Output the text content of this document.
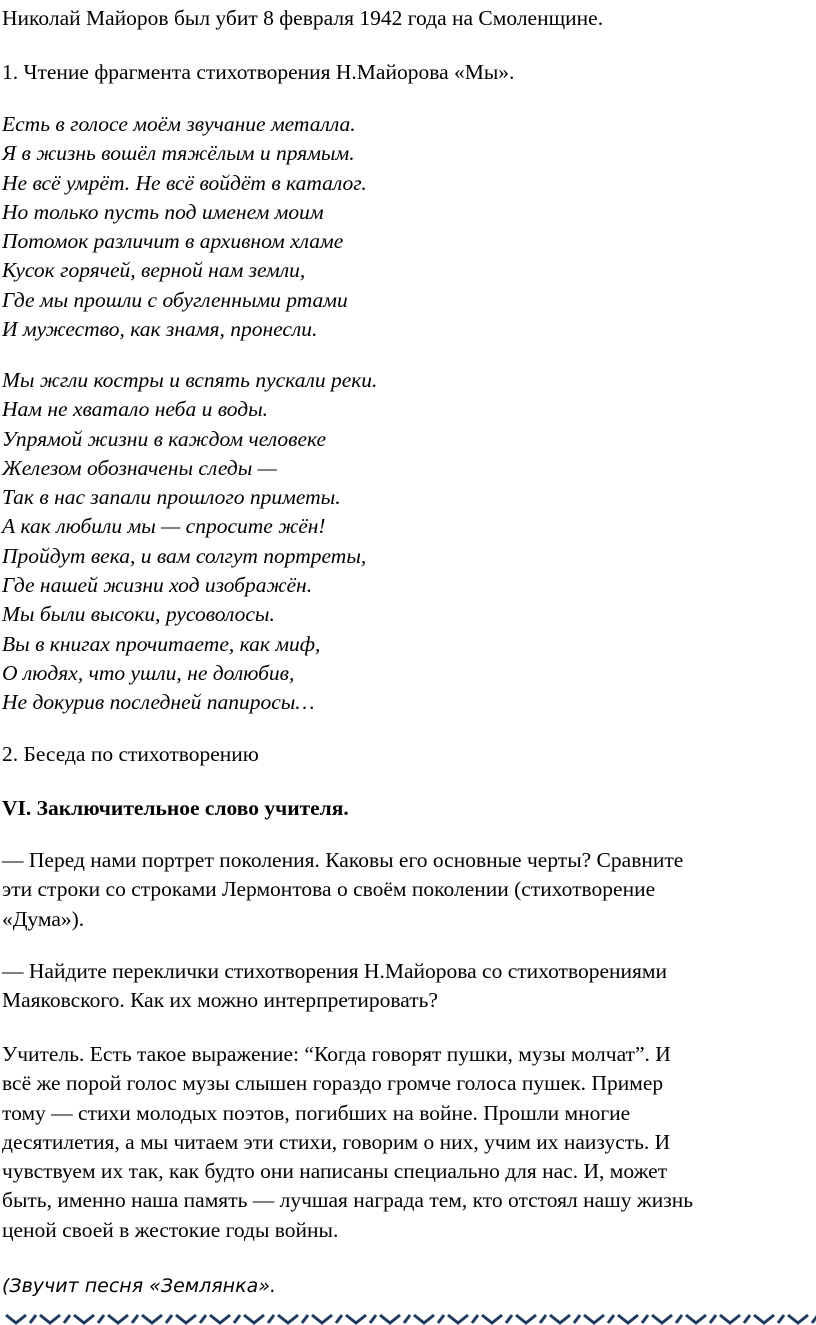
Николай Майоров был убит 8 февраля 1942 года на Смоленщине.
1. Чтение фрагмента стихотворения Н.Майорова «Мы».
Есть в голосе моём звучание металла.
Я в жизнь вошёл тяжёлым и прямым.
Не всё умрёт. Не всё войдёт в каталог.
Но только пусть под именем моим
Потомок различит в архивном хламе
Кусок горячей, верной нам земли,
Где мы прошли с обугленными ртами
И мужество, как знамя, пронесли.
Мы жгли костры и вспять пускали реки.
Нам не хватало неба и воды.
Упрямой жизни в каждом человеке
Железом обозначены следы —
Так в нас запали прошлого приметы.
А как любили мы — спросите жён!
Пройдут века, и вам солгут портреты,
Где нашей жизни ход изображён.
Мы были высоки, русоволосы.
Вы в книгах прочитаете, как миф,
О людях, что ушли, не долюбив,
Не докурив последней папиросы…
2. Беседа по стихотворению
VI. Заключительное слово учителя.
— Перед нами портрет поколения. Каковы его основные черты? Сравните
эти строки со строками Лермонтова о своём поколении (стихотворение
«Дума»).
— Найдите переклички стихотворения Н.Майорова со стихотворениями
Маяковского. Как их можно интерпретировать?
Учитель. Есть такое выражение: “Когда говорят пушки, музы молчат”. И
всё же порой голос музы слышен гораздо громче голоса пушек. Пример
тому — стихи молодых поэтов, погибших на войне. Прошли многие
десятилетия, а мы читаем эти стихи, говорим о них, учим их наизусть. И
чувствуем их так, как будто они написаны специально для нас. И, может
быть, именно наша память — лучшая награда тем, кто отстоял нашу жизнь
ценой своей в жестокие годы войны.
(Звучит песня «Землянка».
